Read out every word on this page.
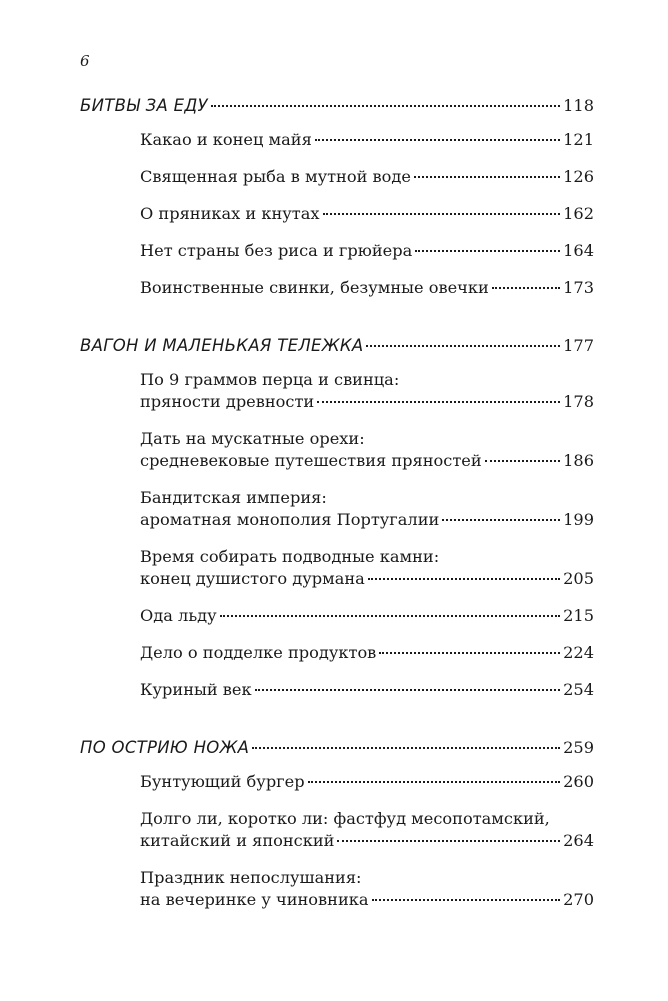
6
БИТВЫ ЗА ЕДУ	118
Какао и конец майя	121
Священная рыба в мутной воде	126
О пряниках и кнутах	162
Нет страны без риса и грюйера	164
Воинственные свинки, безумные овечки	173
ВАГОН И МАЛЕНЬКАЯ ТЕЛЕЖКА	177
По 9 граммов перца и свинца:
пряности древности	178
Дать на мускатные орехи:
средневековые путешествия пряностей	186
Бандитская империя:
ароматная монополия Португалии	199
Время собирать подводные камни:
конец душистого дурмана	205
Ода льду	215
Дело о подделке продуктов	224
Куриный век	254
ПО ОСТРИЮ НОЖА	259
Бунтующий бургер	260
Долго ли, коротко ли: фастфуд месопотамский,
китайский и японский	264
Праздник непослушания:
на вечеринке у чиновника	270
